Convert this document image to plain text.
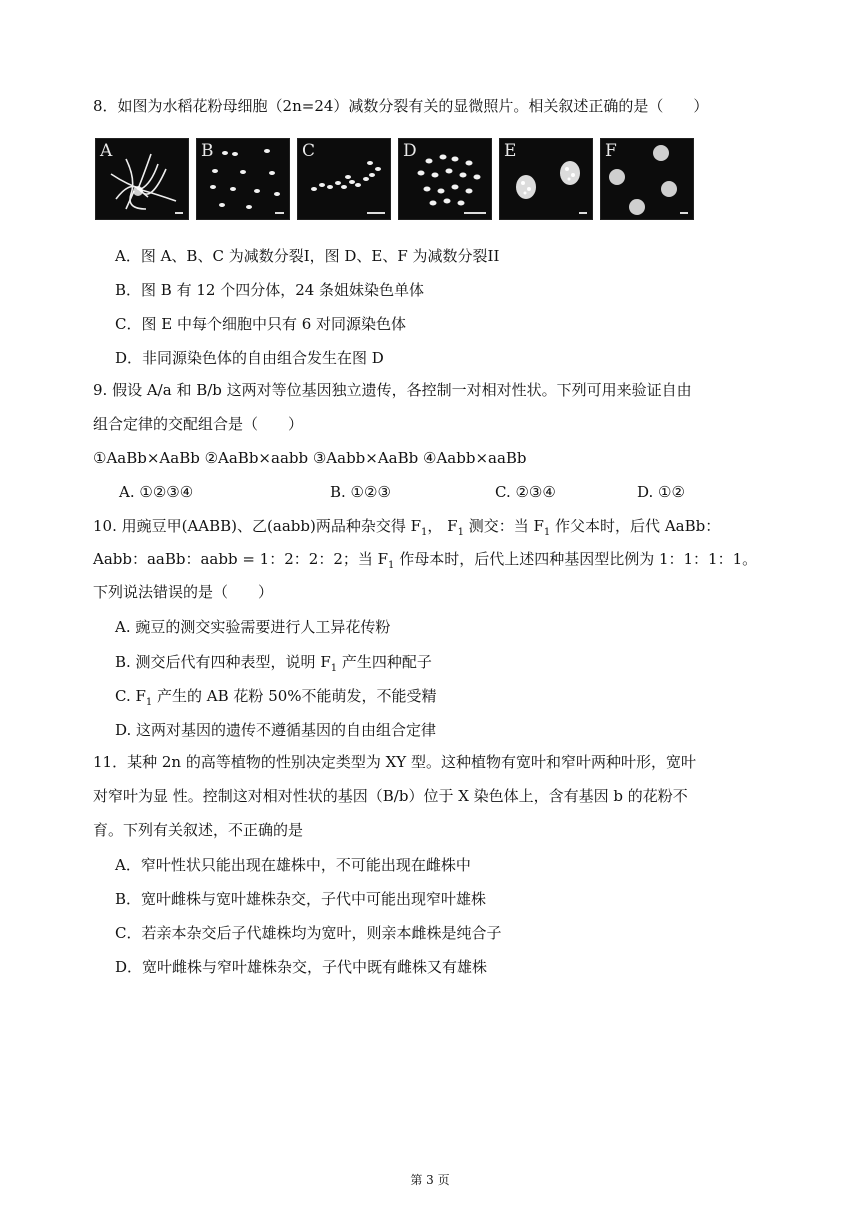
8．如图为水稻花粉母细胞（2n=24）减数分裂有关的显微照片。相关叙述正确的是（　　）
A	B	C	D	E	F
A．图 A、B、C 为减数分裂I，图 D、E、F 为减数分裂II
B．图 B 有 12 个四分体，24 条姐妹染色单体
C．图 E 中每个细胞中只有 6 对同源染色体
D．非同源染色体的自由组合发生在图 D
9. 假设 A/a 和 B/b 这两对等位基因独立遗传，各控制一对相对性状。下列可用来验证自由
组合定律的交配组合是（　　）
①AaBb×AaBb ②AaBb×aabb ③Aabb×AaBb ④Aabb×aaBb
A. ①②③④	B. ①②③	C. ②③④	D. ①②
10. 用豌豆甲(AABB)、乙(aabb)两品种杂交得 $F_1$， $F_1$ 测交：当 $F_1$ 作父本时，后代 AaBb：
Aabb：aaBb：aabb = 1：2：2：2；当 $F_1$ 作母本时，后代上述四种基因型比例为 1：1：1：1。
下列说法错误的是（　　）
A. 豌豆的测交实验需要进行人工异花传粉
B. 测交后代有四种表型，说明 $F_1$ 产生四种配子
C. $F_1$ 产生的 AB 花粉 50%不能萌发，不能受精
D. 这两对基因的遗传不遵循基因的自由组合定律
11．某种 2n 的高等植物的性别决定类型为 XY 型。这种植物有宽叶和窄叶两种叶形，宽叶
对窄叶为显 性。控制这对相对性状的基因（B/b）位于 X 染色体上，含有基因 b 的花粉不
育。下列有关叙述，不正确的是
A．窄叶性状只能出现在雄株中，不可能出现在雌株中
B．宽叶雌株与宽叶雄株杂交，子代中可能出现窄叶雄株
C．若亲本杂交后子代雄株均为宽叶，则亲本雌株是纯合子
D．宽叶雌株与窄叶雄株杂交，子代中既有雌株又有雄株
第 3 页
